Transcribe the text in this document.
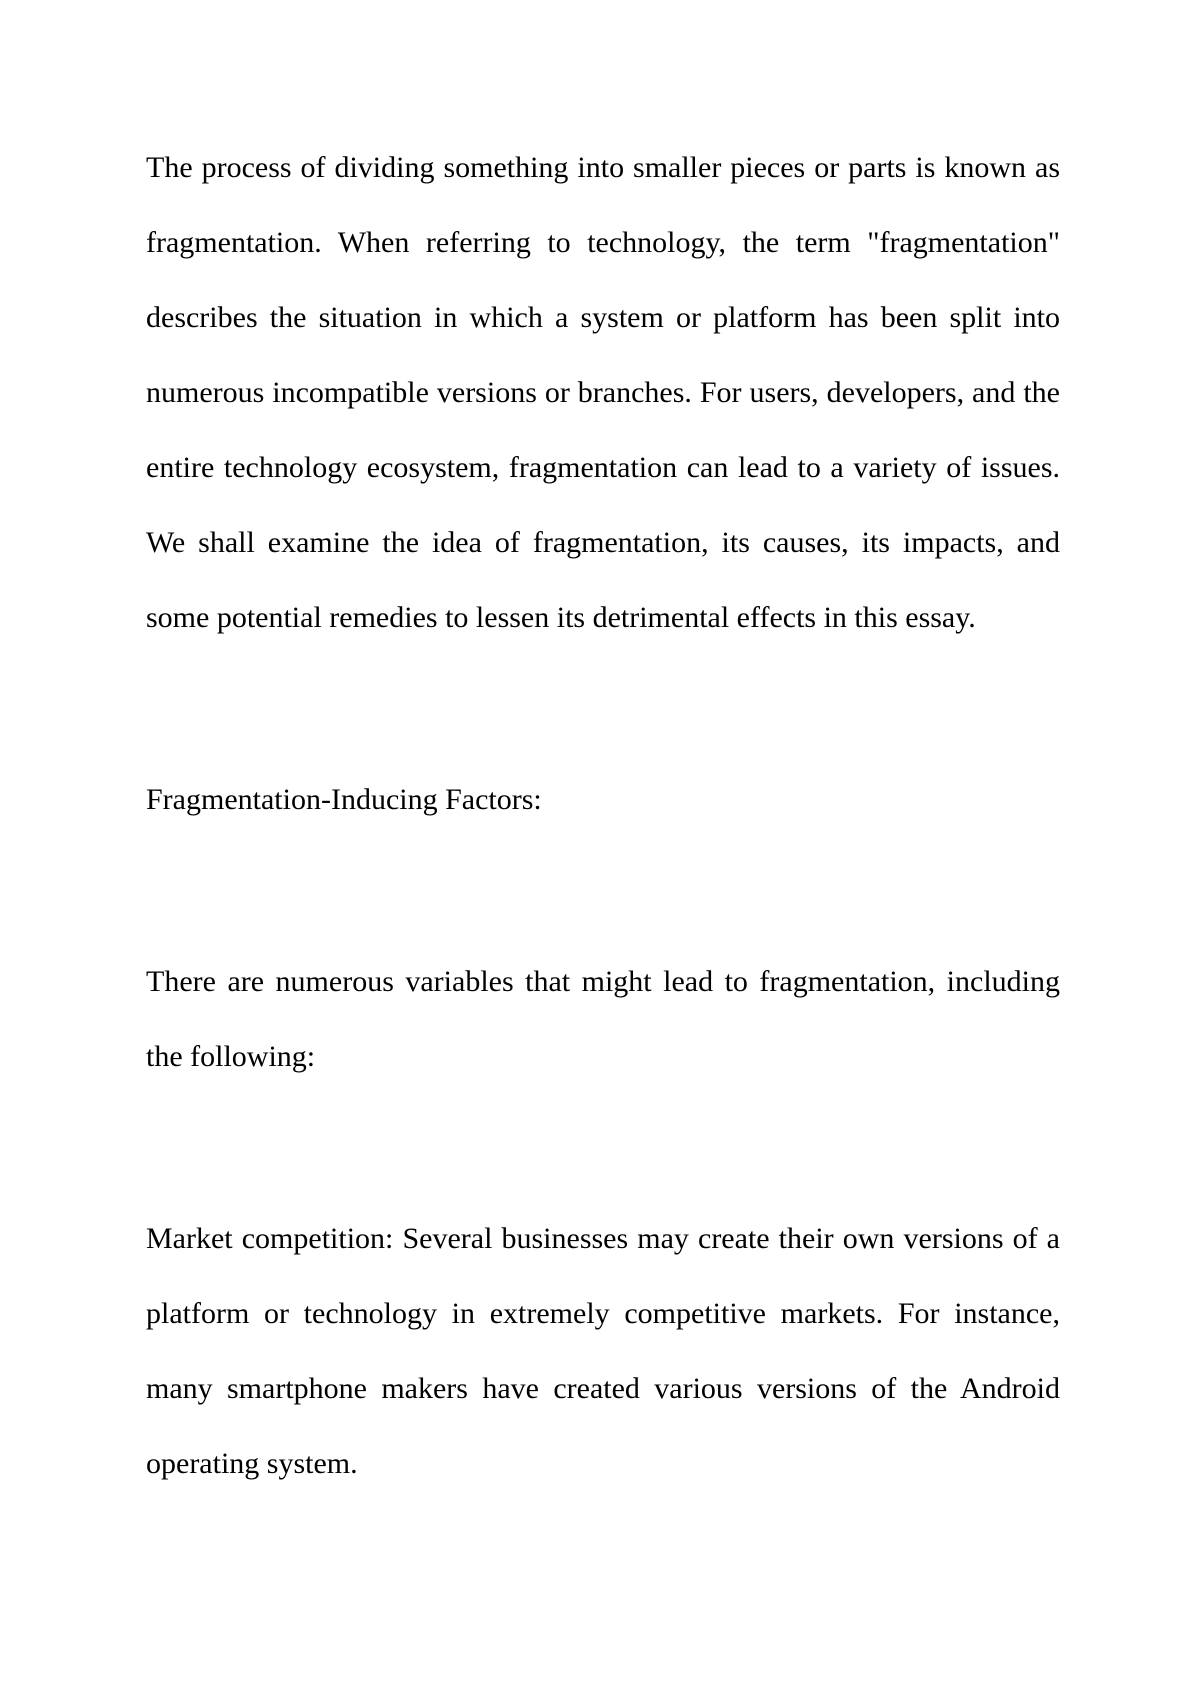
The process of dividing something into smaller pieces or parts is known as fragmentation. When referring to technology, the term "fragmentation" describes the situation in which a system or platform has been split into numerous incompatible versions or branches. For users, developers, and the entire technology ecosystem, fragmentation can lead to a variety of issues. We shall examine the idea of fragmentation, its causes, its impacts, and some potential remedies to lessen its detrimental effects in this essay.

Fragmentation-Inducing Factors:

There are numerous variables that might lead to fragmentation, including the following:

Market competition: Several businesses may create their own versions of a platform or technology in extremely competitive markets. For instance, many smartphone makers have created various versions of the Android operating system.
